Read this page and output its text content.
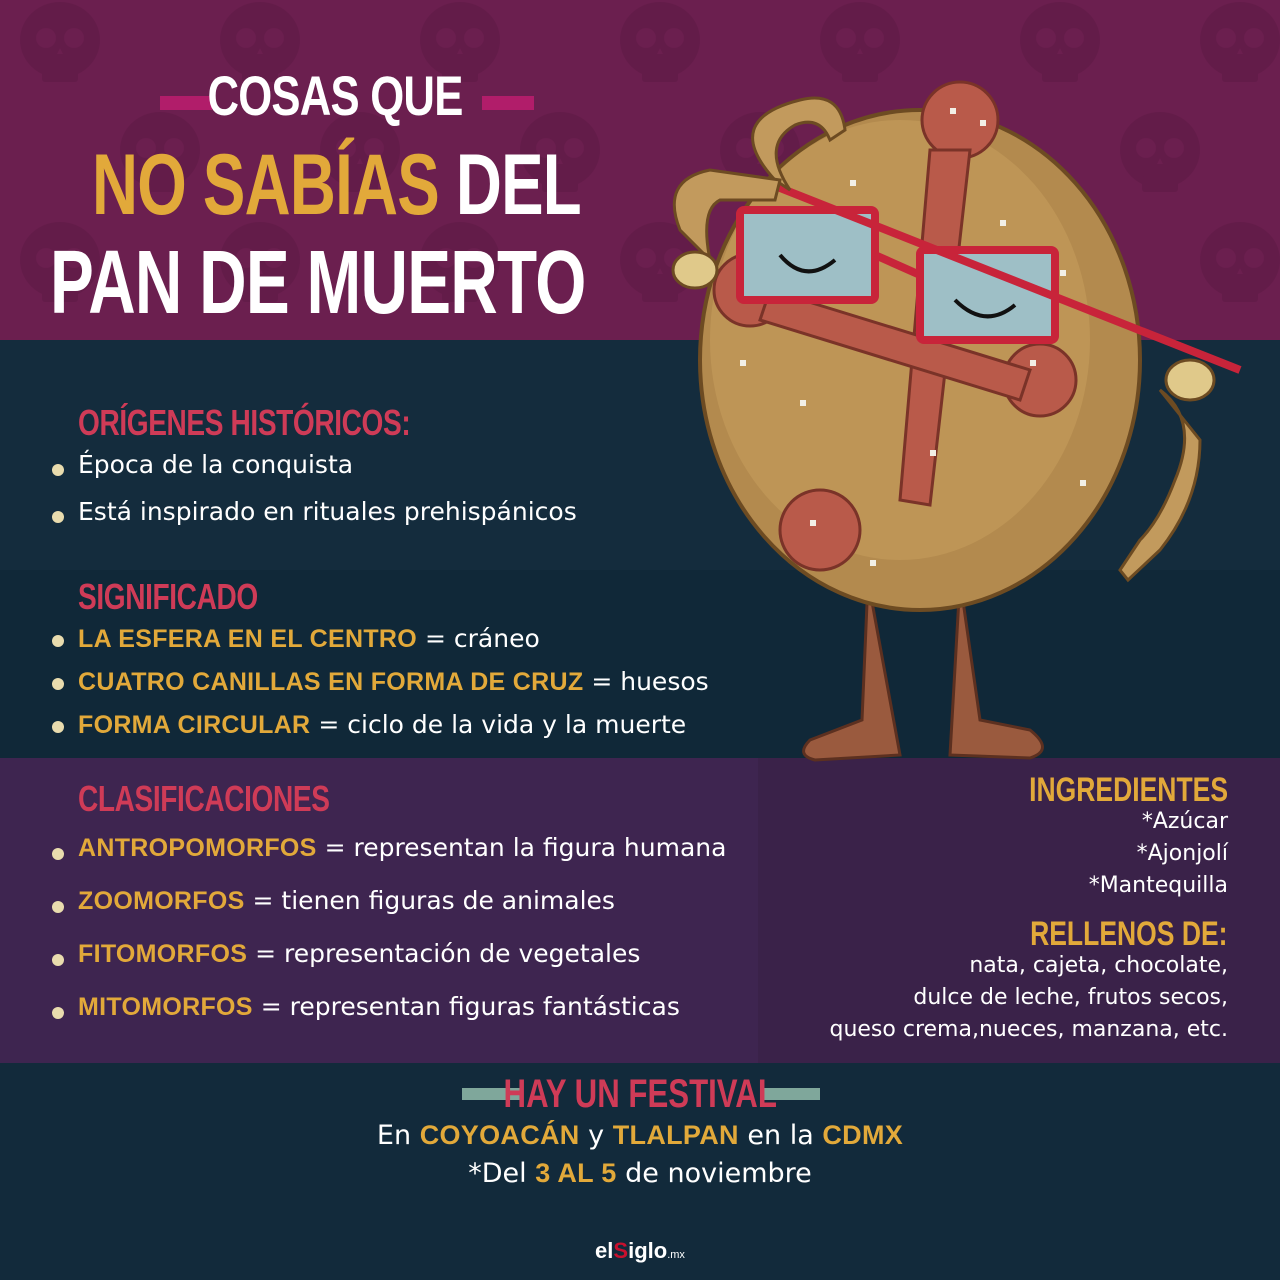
COSAS QUE
NO SABÍAS DEL
PAN DE MUERTO
ORÍGENES HISTÓRICOS:
Época de la conquista
Está inspirado en rituales prehispánicos
SIGNIFICADO
LA ESFERA EN EL CENTRO = cráneo
CUATRO CANILLAS EN FORMA DE CRUZ = huesos
FORMA CIRCULAR = ciclo de la vida y la muerte
CLASIFICACIONES
ANTROPOMORFOS = representan la figura humana
ZOOMORFOS = tienen figuras de animales
FITOMORFOS = representación de vegetales
MITOMORFOS = representan figuras fantásticas
INGREDIENTES
*Azúcar
*Ajonjolí
*Mantequilla
RELLENOS DE:
nata, cajeta, chocolate,
dulce de leche, frutos secos,
queso crema,nueces, manzana, etc.
HAY UN FESTIVAL
En COYOACÁN y TLALPAN en la CDMX
*Del 3 AL 5 de noviembre
elSiglo.mx
